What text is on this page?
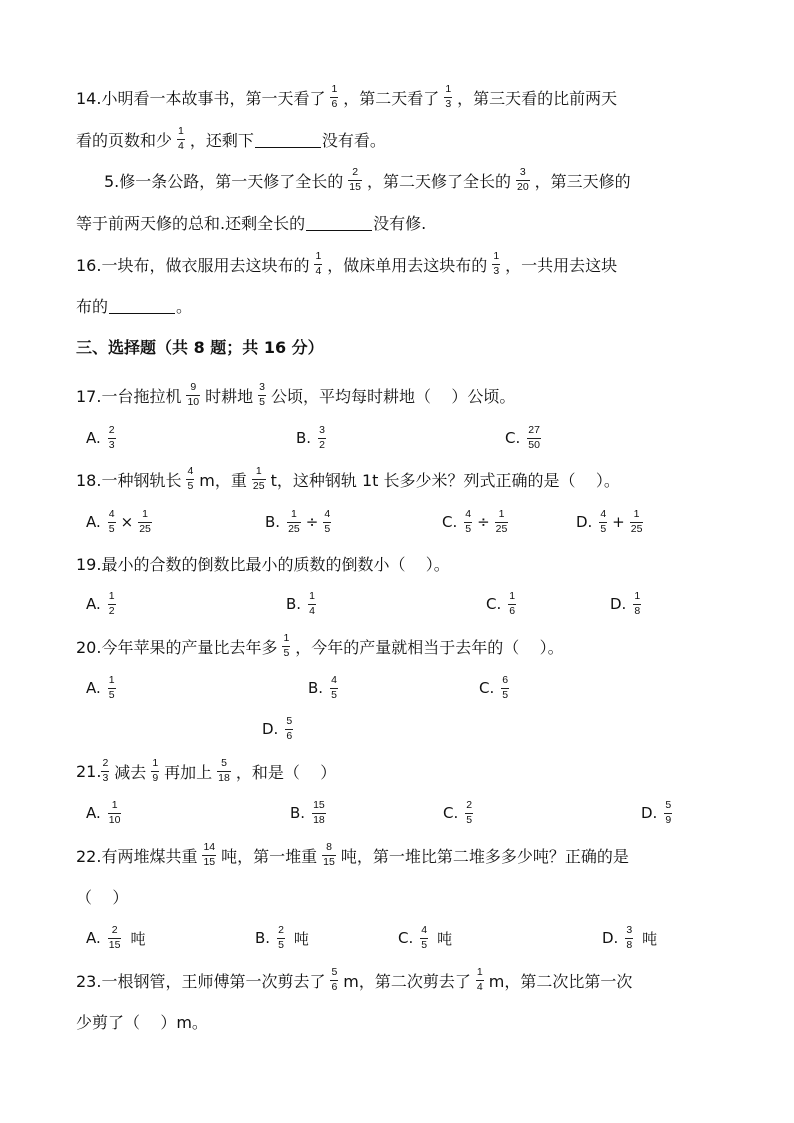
14.小明看一本故事书，第一天看了 $\frac{1}{6}$ ，第二天看了 $\frac{1}{3}$ ，第三天看的比前两天
看的页数和少 $\frac{1}{4}$ ，还剩下	没有看。
5.修一条公路，第一天修了全长的 $\frac{2}{15}$ ，第二天修了全长的 $\frac{3}{20}$ ，第三天修的
等于前两天修的总和.还剩全长的	没有修.
16.一块布，做衣服用去这块布的 $\frac{1}{4}$ ，做床单用去这块布的 $\frac{1}{3}$ ，一共用去这块
布的	。
三、选择题（共 8 题；共 16 分）
17.一台拖拉机 $\frac{9}{10}$ 时耕地 $\frac{3}{5}$ 公顷，平均每时耕地（    ）公顷。
A. $\frac{2}{3}$	B. $\frac{3}{2}$	C. $\frac{27}{50}$
18.一种钢轨长 $\frac{4}{5}$ m，重 $\frac{1}{25}$ t，这种钢轨 1t 长多少米？列式正确的是（    ）。
A. $\frac{4}{5} \times \frac{1}{25}$	B. $\frac{1}{25} \div \frac{4}{5}$	C. $\frac{4}{5} \div \frac{1}{25}$	D. $\frac{4}{5} + \frac{1}{25}$
19.最小的合数的倒数比最小的质数的倒数小（    ）。
A. $\frac{1}{2}$	B. $\frac{1}{4}$	C. $\frac{1}{6}$	D. $\frac{1}{8}$
20.今年苹果的产量比去年多 $\frac{1}{5}$ ，今年的产量就相当于去年的（    ）。
A. $\frac{1}{5}$	B. $\frac{4}{5}$	C. $\frac{6}{5}$
D. $\frac{5}{6}$
21. $\frac{2}{3}$ 减去 $\frac{1}{9}$ 再加上 $\frac{5}{18}$ ，和是（    ）
A. $\frac{1}{10}$	B. $\frac{15}{18}$	C. $\frac{2}{5}$	D. $\frac{5}{9}$
22.有两堆煤共重 $\frac{14}{15}$ 吨，第一堆重 $\frac{8}{15}$ 吨，第一堆比第二堆多多少吨？正确的是
（    ）
A. $\frac{2}{15}$ 吨	B. $\frac{2}{5}$ 吨	C. $\frac{4}{5}$ 吨	D. $\frac{3}{8}$ 吨
23.一根钢管，王师傅第一次剪去了 $\frac{5}{6}$ m，第二次剪去了 $\frac{1}{4}$ m，第二次比第一次
少剪了（    ）m。
